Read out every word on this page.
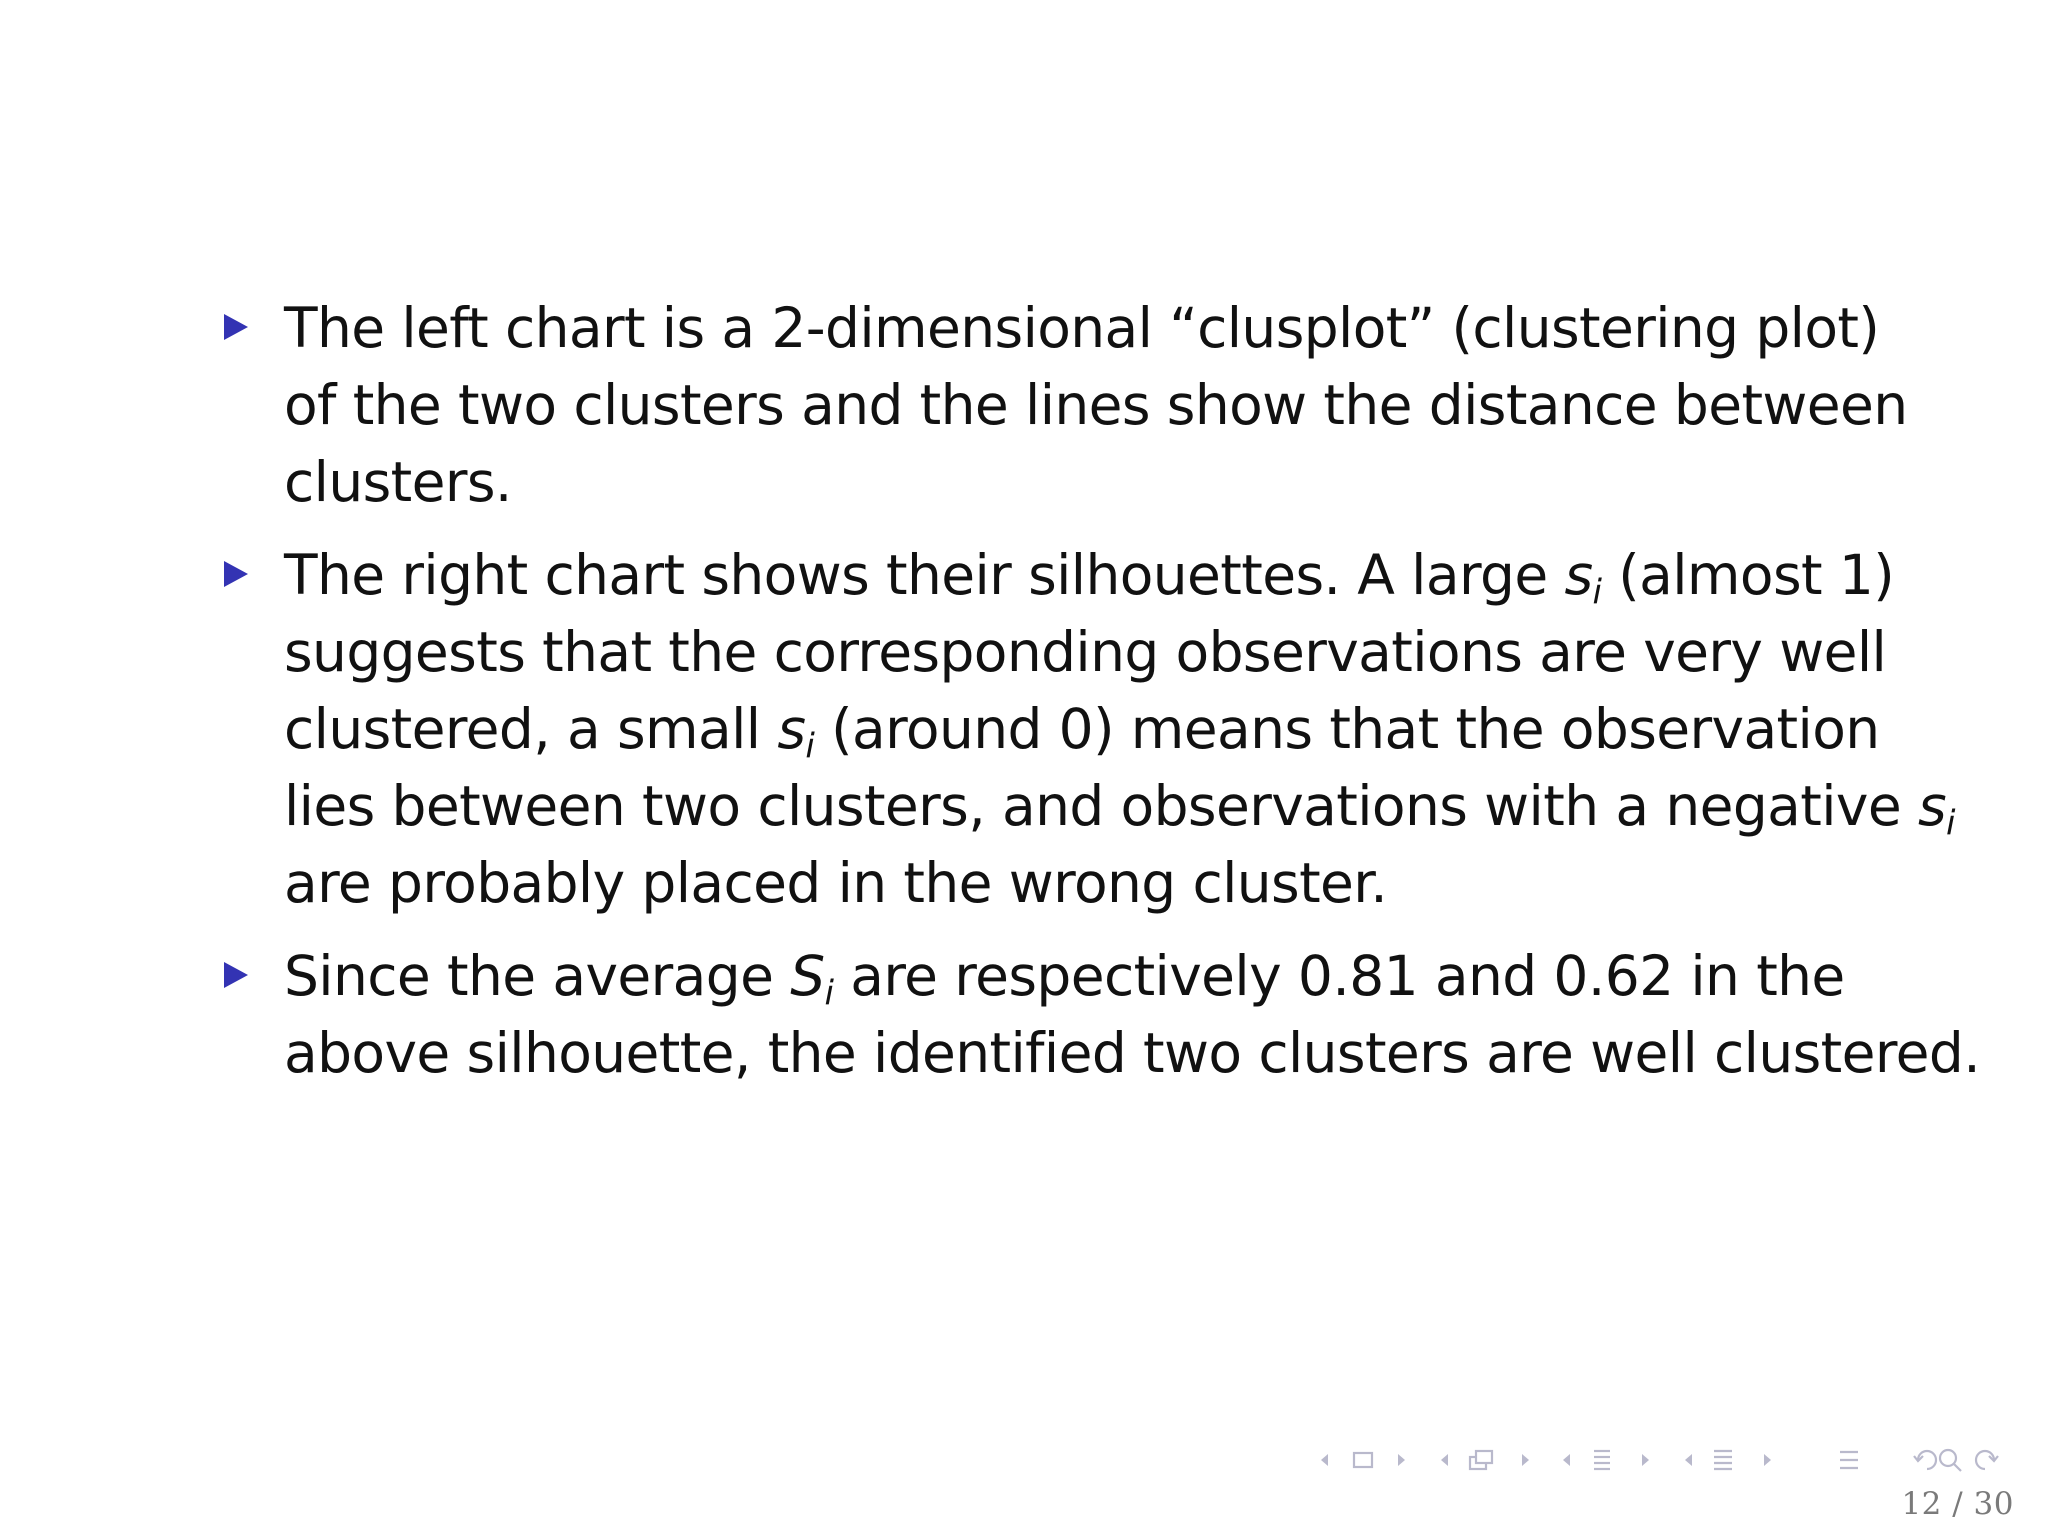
The left chart is a 2-dimensional “clusplot” (clustering plot)
of the two clusters and the lines show the distance between
clusters.
The right chart shows their silhouettes. A large $s_i$ (almost 1)
suggests that the corresponding observations are very well
clustered, a small $s_i$ (around 0) means that the observation
lies between two clusters, and observations with a negative $s_i$
are probably placed in the wrong cluster.
Since the average $S_i$ are respectively 0.81 and 0.62 in the
above silhouette, the identified two clusters are well clustered.
12 / 30
